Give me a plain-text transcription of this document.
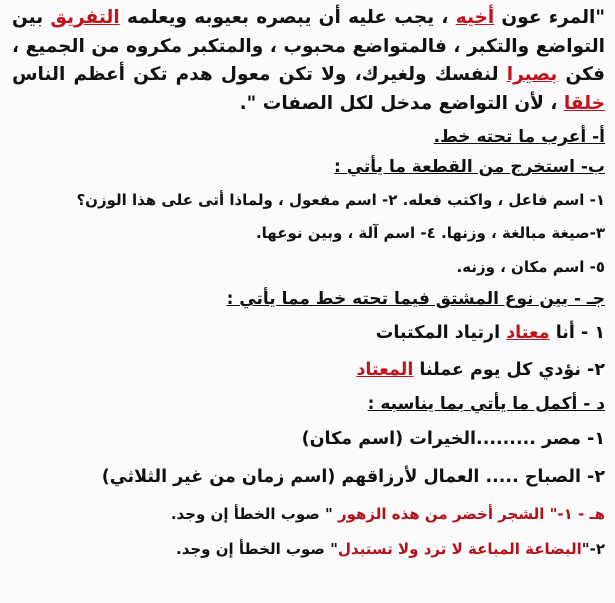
"المرء عون أخيه ، يجب عليه أن يبصره بعيوبه ويعلمه التفريق بين التواضع والتكبر ، فالمتواضع محبوب ، والمتكبر مكروه من الجميع ، فكن بصيرا لنفسك ولغيرك، ولا تكن معول هدم تكن أعظم الناس خلقا ، لأن التواضع مدخل لكل الصفات ".

أ- أعرب ما تحته خط.

ب- استخرج من القطعة ما يأتي :

١- اسم فاعل ، واكتب فعله. ٢- اسم مفعول ، ولماذا أتى على هذا الوزن؟

٣-صيغة مبالغة ، وزنها. ٤- اسم آلة ، وبين نوعها.

٥- اسم مكان ، وزنه.

جـ - بين نوع المشتق فيما تحته خط مما يأتي :

١ - أنا معتاد ارتياد المكتبات

٢- نؤدي كل يوم عملنا المعتاد

د - أكمل ما يأتي بما يناسبه :

١- مصر .........الخيرات (اسم مكان)

٢- الصباح ..... العمال لأرزاقهم (اسم زمان من غير الثلاثي)

هـ - ١-" الشجر أخضر من هذه الزهور " صوب الخطأ إن وجد.

٢-"البضاعة المباعة لا ترد ولا تستبدل" صوب الخطأ إن وجد.
